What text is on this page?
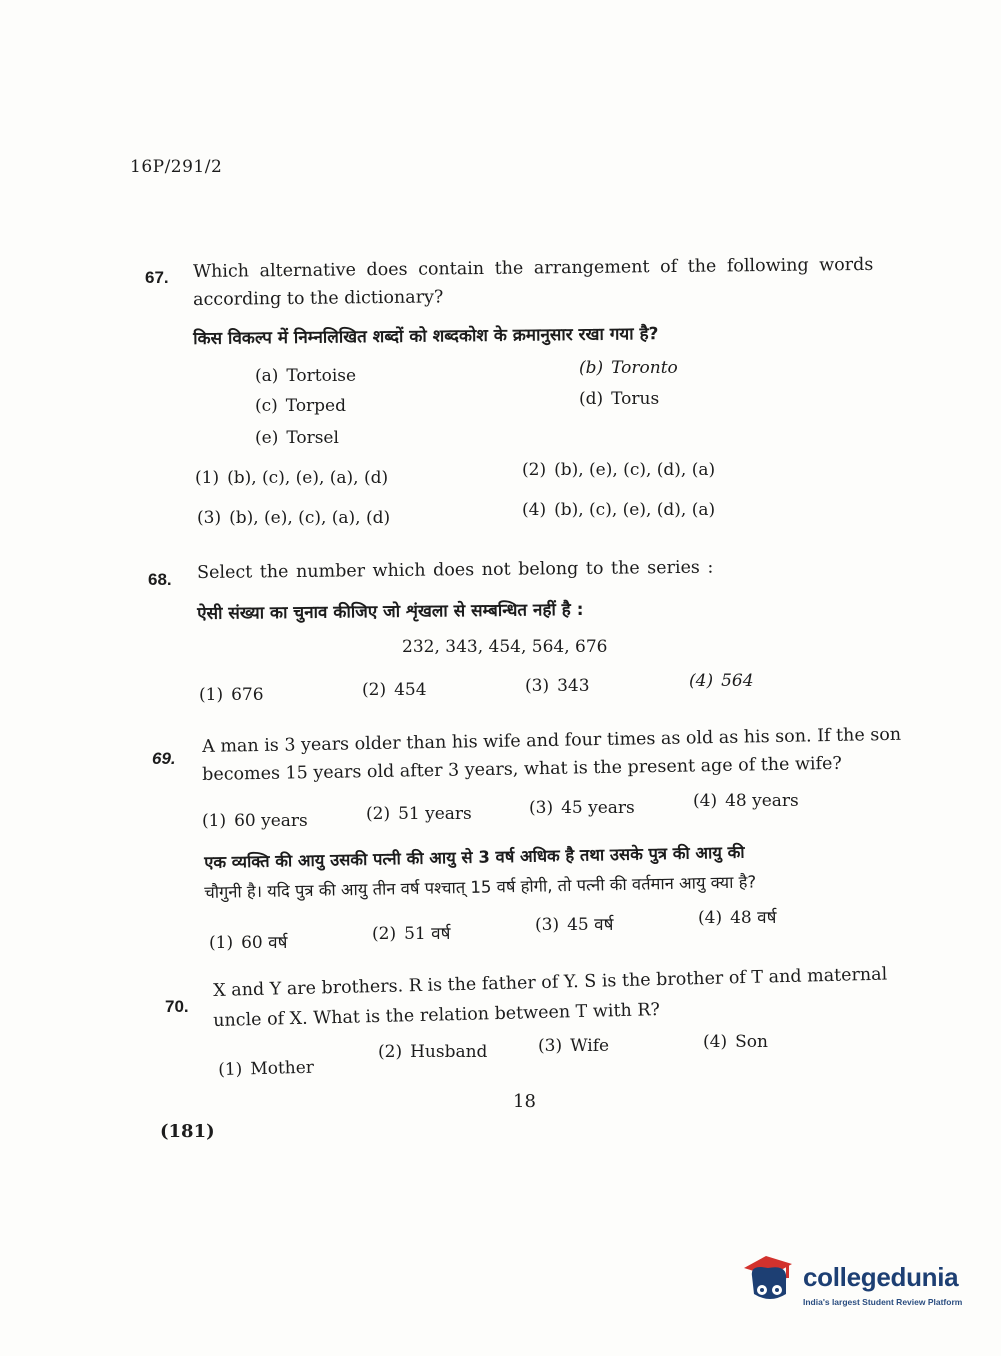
16P/291/2
67. Which alternative does contain the arrangement of the following words
according to the dictionary?
किस विकल्प में निम्नलिखित शब्दों को शब्दकोश के क्रमानुसार रखा गया है?
(a) Tortoise	(b) Toronto
(c) Torped	(d) Torus
(e) Torsel
(1) (b), (c), (e), (a), (d)	(2) (b), (e), (c), (d), (a)
(3) (b), (e), (c), (a), (d)	(4) (b), (c), (e), (d), (a)
68. Select the number which does not belong to the series :
ऐसी संख्या का चुनाव कीजिए जो शृंखला से सम्बन्धित नहीं है :
232, 343, 454, 564, 676
(1) 676	(2) 454	(3) 343	(4) 564
69.
A man is 3 years older than his wife and four times as old as his son. If the son
becomes 15 years old after 3 years, what is the present age of the wife?
(1) 60 years	(2) 51 years	(3) 45 years	(4) 48 years
एक व्यक्ति की आयु उसकी पत्नी की आयु से 3 वर्ष अधिक है तथा उसके पुत्र की आयु की
चौगुनी है। यदि पुत्र की आयु तीन वर्ष पश्चात् 15 वर्ष होगी, तो पत्नी की वर्तमान आयु क्या है?
(1) 60 वर्ष	(2) 51 वर्ष	(3) 45 वर्ष	(4) 48 वर्ष
70.
X and Y are brothers. R is the father of Y. S is the brother of T and maternal
uncle of X. What is the relation between T with R?
(1) Mother
(2) Husband	(3) Wife	(4) Son
18
(181)
collegedunia
India's largest Student Review Platform
